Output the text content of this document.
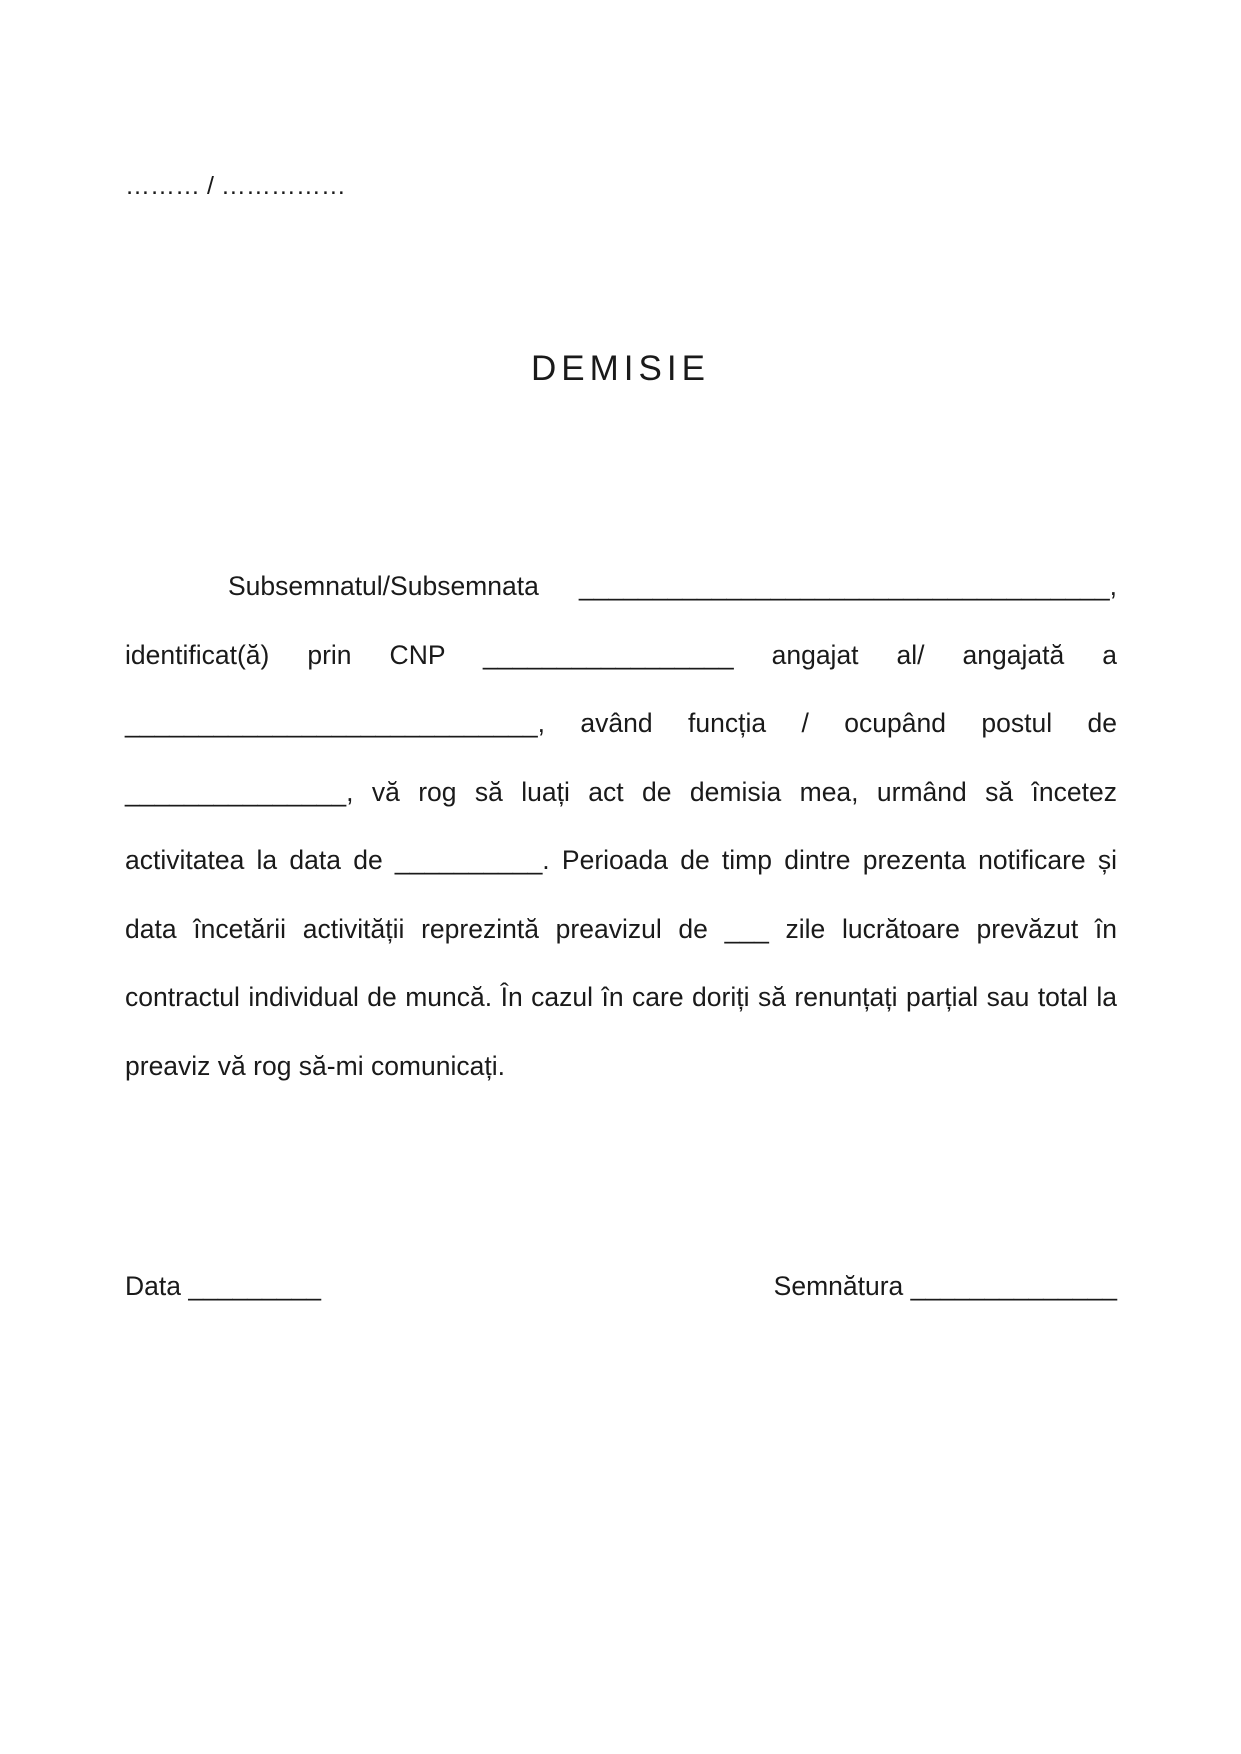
……… / ……………
DEMISIE

Subsemnatul/Subsemnata ____________________________________, identificat(ă) prin CNP _________________ angajat al/ angajată a ____________________________, având funcția / ocupând postul de _______________, vă rog să luați act de demisia mea, urmând să încetez activitatea la data de __________. Perioada de timp dintre prezenta notificare și data încetării activității reprezintă preavizul de ___ zile lucrătoare prevăzut în contractul individual de muncă. În cazul în care doriți să renunțați parțial sau total la preaviz vă rog să-mi comunicați.

Data _________	Semnătura ______________
